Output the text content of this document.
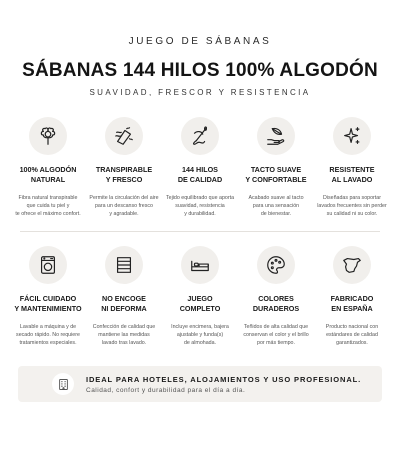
JUEGO DE SÁBANAS
SÁBANAS 144 HILOS 100% ALGODÓN
SUAVIDAD, FRESCOR Y RESISTENCIA
100% ALGODÓN
NATURAL
Fibra natural transpirable
que cuida tu piel y
te ofrece el máximo confort.
TRANSPIRABLE
Y FRESCO
Permite la circulación del aire
para un descanso fresco
y agradable.
144 HILOS
DE CALIDAD
Tejido equilibrado que aporta
suavidad, resistencia
y durabilidad.
TACTO SUAVE
Y CONFORTABLE
Acabado suave al tacto
para una sensación
de bienestar.
RESISTENTE
AL LAVADO
Diseñadas para soportar
lavados frecuentes sin perder
su calidad ni su color.
FÁCIL CUIDADO
Y MANTENIMIENTO
Lavable a máquina y de
secado rápido. No requiere
tratamientos especiales.
NO ENCOGE
NI DEFORMA
Confección de calidad que
mantiene las medidas
lavado tras lavado.
JUEGO
COMPLETO
Incluye encimera, bajera
ajustable y funda(s)
de almohada.
COLORES
DURADEROS
Teñidos de alta calidad que
conservan el color y el brillo
por más tiempo.
FABRICADO
EN ESPAÑA
Producto nacional con
estándares de calidad
garantizados.
IDEAL PARA HOTELES, ALOJAMIENTOS Y USO PROFESIONAL.
Calidad, confort y durabilidad para el día a día.
